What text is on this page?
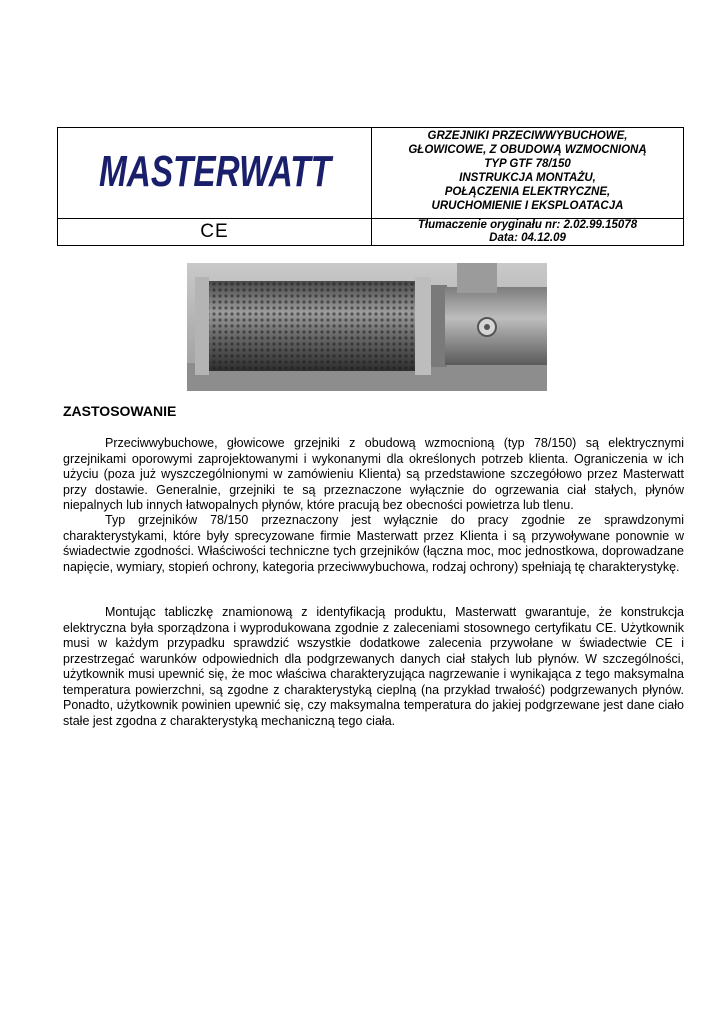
MASTERWATT
GRZEJNIKI PRZECIWWYBUCHOWE,
GŁOWICOWE, Z OBUDOWĄ WZMOCNIONĄ
TYP GTF 78/150
INSTRUKCJA MONTAŻU,
POŁĄCZENIA ELEKTRYCZNE,
URUCHOMIENIE I EKSPLOATACJA
CE	Tłumaczenie oryginału nr: 2.02.99.15078
Data: 04.12.09
ZASTOSOWANIE

Przeciwwybuchowe, głowicowe grzejniki z obudową wzmocnioną (typ 78/150) są elektrycznymi grzejnikami oporowymi zaprojektowanymi i wykonanymi dla określonych potrzeb klienta. Ograniczenia w ich użyciu (poza już wyszczególnionymi w zamówieniu Klienta) są przedstawione szczegółowo przez Masterwatt przy dostawie. Generalnie, grzejniki te są przeznaczone wyłącznie do ogrzewania ciał stałych, płynów niepalnych lub innych łatwopalnych płynów, które pracują bez obecności powietrza lub tlenu.

Typ grzejników 78/150 przeznaczony jest wyłącznie do pracy zgodnie ze sprawdzonymi charakterystykami, które były sprecyzowane firmie Masterwatt przez Klienta i są przywoływane ponownie w świadectwie zgodności. Właściwości techniczne tych grzejników (łączna moc, moc jednostkowa, doprowadzane napięcie, wymiary, stopień ochrony, kategoria przeciwwybuchowa, rodzaj ochrony) spełniają tę charakterystykę.

Montując tabliczkę znamionową z identyfikacją produktu, Masterwatt gwarantuje, że konstrukcja elektryczna była sporządzona i wyprodukowana zgodnie z zaleceniami stosownego certyfikatu CE. Użytkownik musi w każdym przypadku sprawdzić wszystkie dodatkowe zalecenia przywołane w świadectwie CE i przestrzegać warunków odpowiednich dla podgrzewanych danych ciał stałych lub płynów. W szczególności, użytkownik musi upewnić się, że moc właściwa charakteryzująca nagrzewanie i wynikająca z tego maksymalna temperatura powierzchni, są zgodne z charakterystyką cieplną (na przykład trwałość) podgrzewanych płynów. Ponadto, użytkownik powinien upewnić się, czy maksymalna temperatura do jakiej podgrzewane jest dane ciało stałe jest zgodna z charakterystyką mechaniczną tego ciała.
